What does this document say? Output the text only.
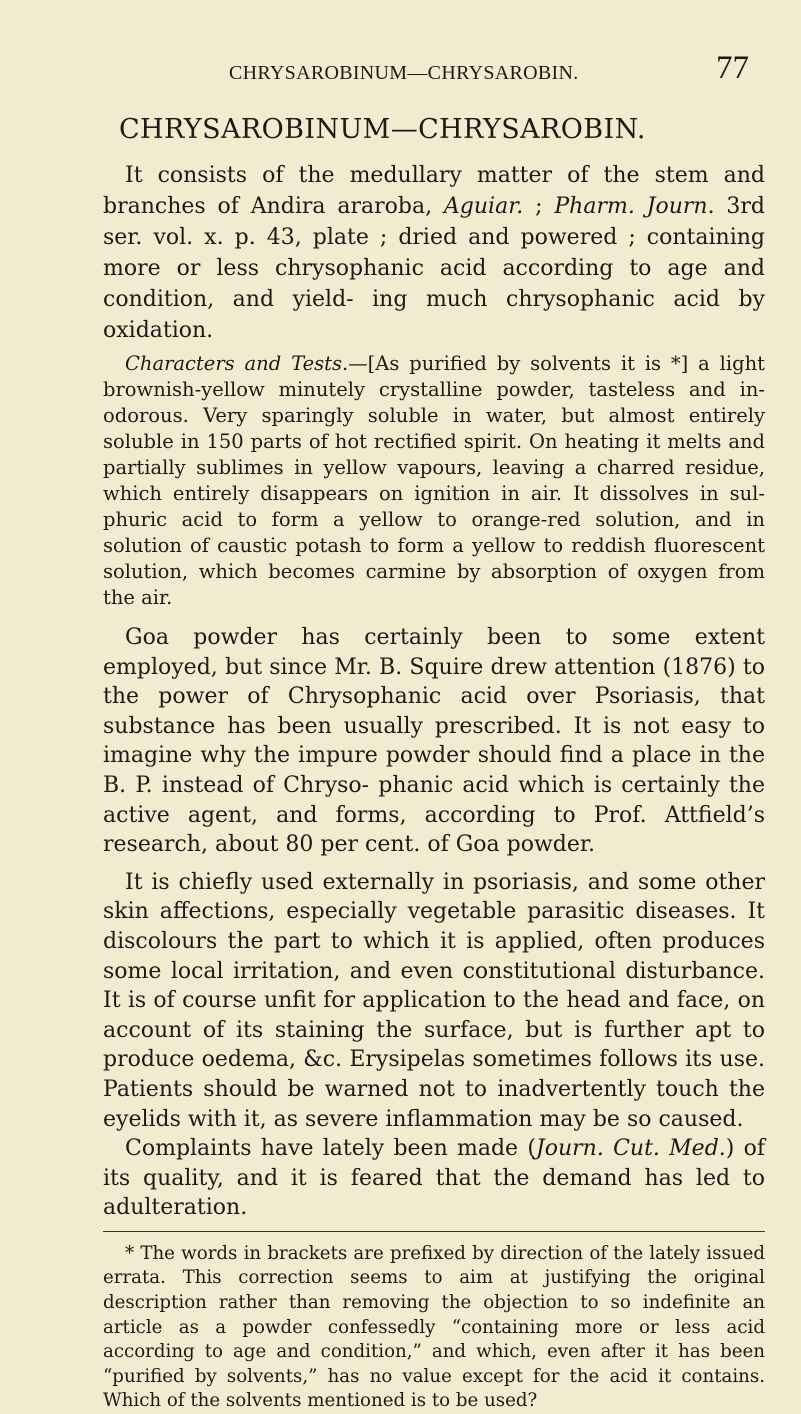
CHRYSAROBINUM—CHRYSAROBIN.	77
CHRYSAROBINUM—CHRYSAROBIN.

It consists of the medullary matter of the stem and branches of Andira araroba, Aguiar. ; Pharm. Journ. 3rd ser. vol. x. p. 43, plate ; dried and powered ; containing more or less chrysophanic acid according to age and condition, and yield- ing much chrysophanic acid by oxidation.

Characters and Tests.—[As purified by solvents it is *] a light brownish-yellow minutely crystalline powder, tasteless and in- odorous. Very sparingly soluble in water, but almost entirely soluble in 150 parts of hot rectified spirit. On heating it melts and partially sublimes in yellow vapours, leaving a charred residue, which entirely disappears on ignition in air. It dissolves in sul- phuric acid to form a yellow to orange-red solution, and in solution of caustic potash to form a yellow to reddish fluorescent solution, which becomes carmine by absorption of oxygen from the air.

Goa powder has certainly been to some extent employed, but since Mr. B. Squire drew attention (1876) to the power of Chrysophanic acid over Psoriasis, that substance has been usually prescribed. It is not easy to imagine why the impure powder should find a place in the B. P. instead of Chryso- phanic acid which is certainly the active agent, and forms, according to Prof. Attfield’s research, about 80 per cent. of Goa powder.

It is chiefly used externally in psoriasis, and some other skin affections, especially vegetable parasitic diseases. It discolours the part to which it is applied, often produces some local irritation, and even constitutional disturbance. It is of course unfit for application to the head and face, on account of its staining the surface, but is further apt to produce oedema, &c. Erysipelas sometimes follows its use. Patients should be warned not to inadvertently touch the eyelids with it, as severe inflammation may be so caused.

Complaints have lately been made (Journ. Cut. Med.) of its quality, and it is feared that the demand has led to adulteration.

* The words in brackets are prefixed by direction of the lately issued errata. This correction seems to aim at justifying the original description rather than removing the objection to so indefinite an article as a powder confessedly “containing more or less acid according to age and condition,” and which, even after it has been “purified by solvents,” has no value except for the acid it contains. Which of the solvents mentioned is to be used?
